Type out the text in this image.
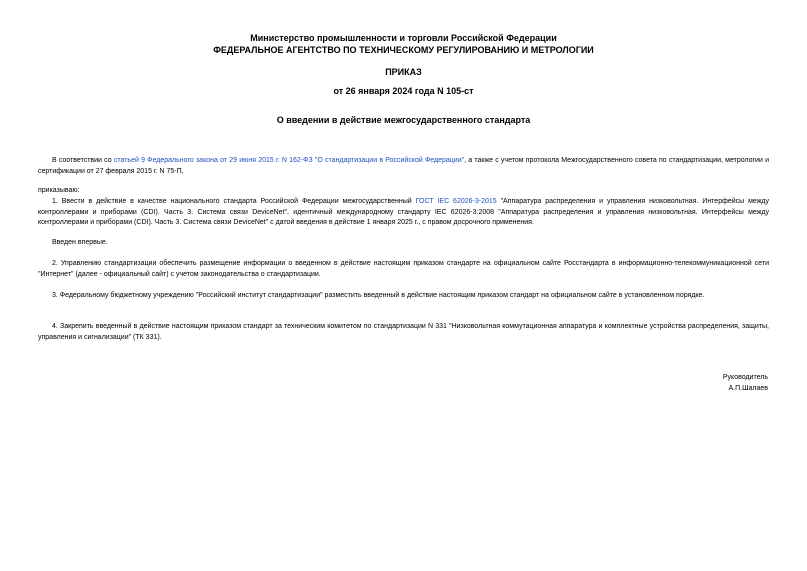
Министерство промышленности и торговли Российской Федерации
ФЕДЕРАЛЬНОЕ АГЕНТСТВО ПО ТЕХНИЧЕСКОМУ РЕГУЛИРОВАНИЮ И МЕТРОЛОГИИ
ПРИКАЗ
от 26 января 2024 года N 105-ст
О введении в действие межгосударственного стандарта
В соответствии со статьей 9 Федерального закона от 29 июня 2015 г. N 162-ФЗ "О стандартизации в Российской Федерации", а также с учетом протокола Межгосударственного совета по стандартизации, метрологии и сертификации от 27 февраля 2015 г. N 75-П,
приказываю:
1. Ввести в действие в качестве национального стандарта Российской Федерации межгосударственный ГОСТ IEC 62026-3-2015 "Аппаратура распределения и управления низковольтная. Интерфейсы между контроллерами и приборами (CDI). Часть 3. Система связи DeviceNet", идентичный международному стандарту IEC 62026-3:2008 "Аппаратура распределения и управления низковольтная. Интерфейсы между контроллерами и приборами (CDI). Часть 3. Система связи DeviceNet" с датой введения в действие 1 января 2025 г., с правом досрочного применения.
Введен впервые.
2. Управлению стандартизации обеспечить размещение информации о введенном в действие настоящим приказом стандарте на официальном сайте Росстандарта в информационно-телекоммуникационной сети "Интернет" (далее - официальный сайт) с учетом законодательства о стандартизации.
3. Федеральному бюджетному учреждению "Российский институт стандартизации" разместить введенный в действие настоящим приказом стандарт на официальном сайте в установленном порядке.
4. Закрепить введенный в действие настоящим приказом стандарт за техническим комитетом по стандартизации N 331 "Низковольтная коммутационная аппаратура и комплектные устройства распределения, защиты, управления и сигнализации" (ТК 331).
Руководитель
А.П.Шалаев
